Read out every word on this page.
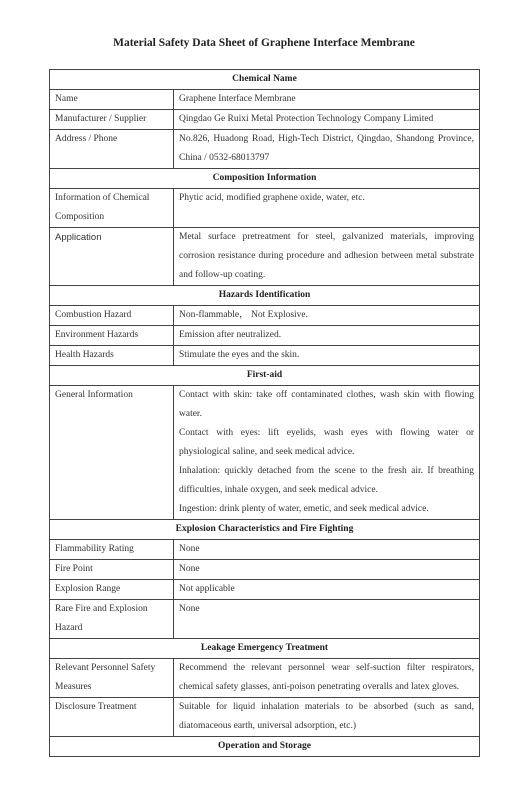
Material Safety Data Sheet of Graphene Interface Membrane
Chemical Name	
Name	Graphene Interface Membrane

Manufacturer / Supplier	Qingdao Ge Ruixi Metal Protection Technology Company Limited

Address / Phone	No.826, Huadong Road, High-Tech District, Qingdao, Shandong Province, China / 0532-68013797

Composition Information	
Information of Chemical Composition	Phytic acid, modified graphene oxide, water, etc.

Application	Metal surface pretreatment for steel, galvanized materials, improving corrosion resistance during procedure and adhesion between metal substrate and follow-up coating.

Hazards Identification	
Combustion Hazard	Non-flammable， Not Explosive.

Environment Hazards	Emission after neutralized.

Health Hazards	Stimulate the eyes and the skin.

First-aid	
General Information	Contact with skin: take off contaminated clothes, wash skin with flowing water.
Contact with eyes: lift eyelids, wash eyes with flowing water or physiological saline, and seek medical advice.
Inhalation: quickly detached from the scene to the fresh air. If breathing difficulties, inhale oxygen, and seek medical advice.
Ingestion: drink plenty of water, emetic, and seek medical advice.

Explosion Characteristics and Fire Fighting	
Flammability Rating	None

Fire Point	None

Explosion Range	Not applicable

Rare Fire and Explosion Hazard	None

Leakage Emergency Treatment	
Relevant Personnel Safety Measures	Recommend the relevant personnel wear self-suction filter respirators, chemical safety glasses, anti-poison penetrating overalls and latex gloves.

Disclosure Treatment	Suitable for liquid inhalation materials to be absorbed (such as sand, diatomaceous earth, universal adsorption, etc.)

Operation and Storage	
